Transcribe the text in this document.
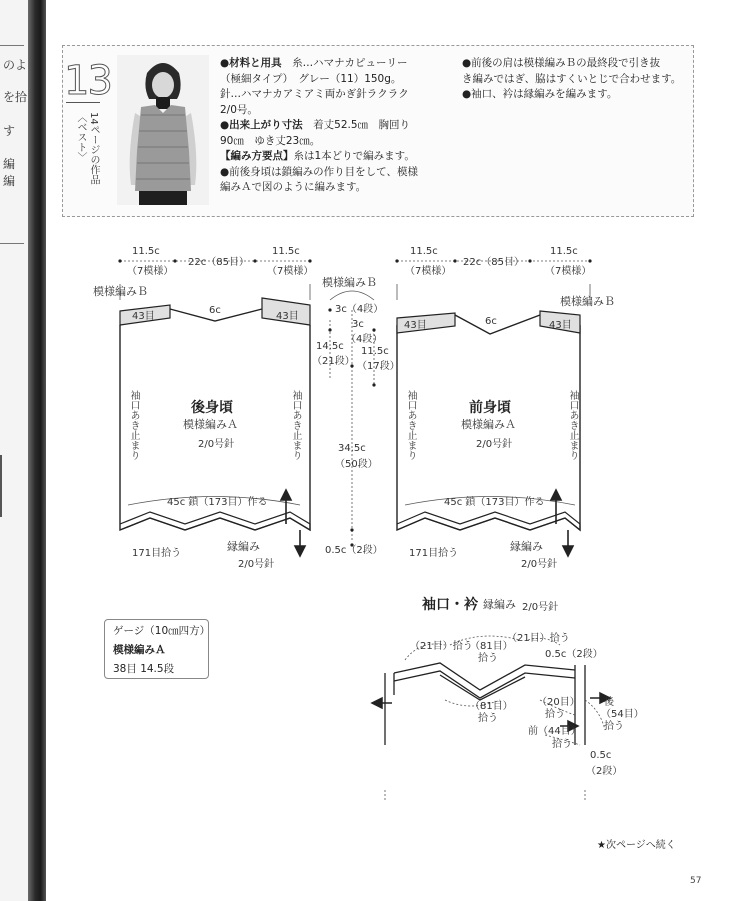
のよ
を拾
す
編
編
13
14ページの作品
〈ベスト〉

●材料と用具　糸…ハマナカピューリー

（極細タイプ）　グレー（11）150g。

針…ハマナカアミアミ両かぎ針ラクラク

2/0号。

●出来上がり寸法　着丈52.5㎝　胸回り

90㎝　ゆき丈23㎝。

【編み方要点】糸は1本どりで編みます。

●前後身頃は鎖編みの作り目をして、模様

編みＡで図のように編みます。

●前後の肩は模様編みＢの最終段で引き抜

き編みではぎ、脇はすくいとじで合わせます。

●袖口、衿は縁編みを編みます。

11.5c
（7模様）
22c（85目）
11.5c
（7模様）
模様編みＢ
模様編みＢ
43目	43目
6c
後身頃
模様編みＡ
2/0号針
袖口あき止まり	袖口あき止まり
45c 鎖（173目）作る
171目拾う
縁編み
2/0号針
3c（4段）
3c
（4段）
14.5c
（21段）
11.5c
（17段）
34.5c
（50段）
0.5c（2段）
11.5c
（7模様）
22c（85目）
11.5c
（7模様）
模様編みＢ
43目	43目
6c
前身頃
模様編みＡ
2/0号針
袖口あき止まり	袖口あき止まり
45c 鎖（173目）作る
171目拾う
縁編み
2/0号針
袖口・衿 縁編み 2/0号針
（21目）拾う
（81目）
拾う
（21目）拾う
0.5c（2段）
（81目）
拾う
（20目）
拾う
後
（54目）
拾う
前（44目）
拾う
0.5c
（2段）
ゲージ（10㎝四方）
模様編みＡ
38目 14.5段
★次ページへ続く
57
